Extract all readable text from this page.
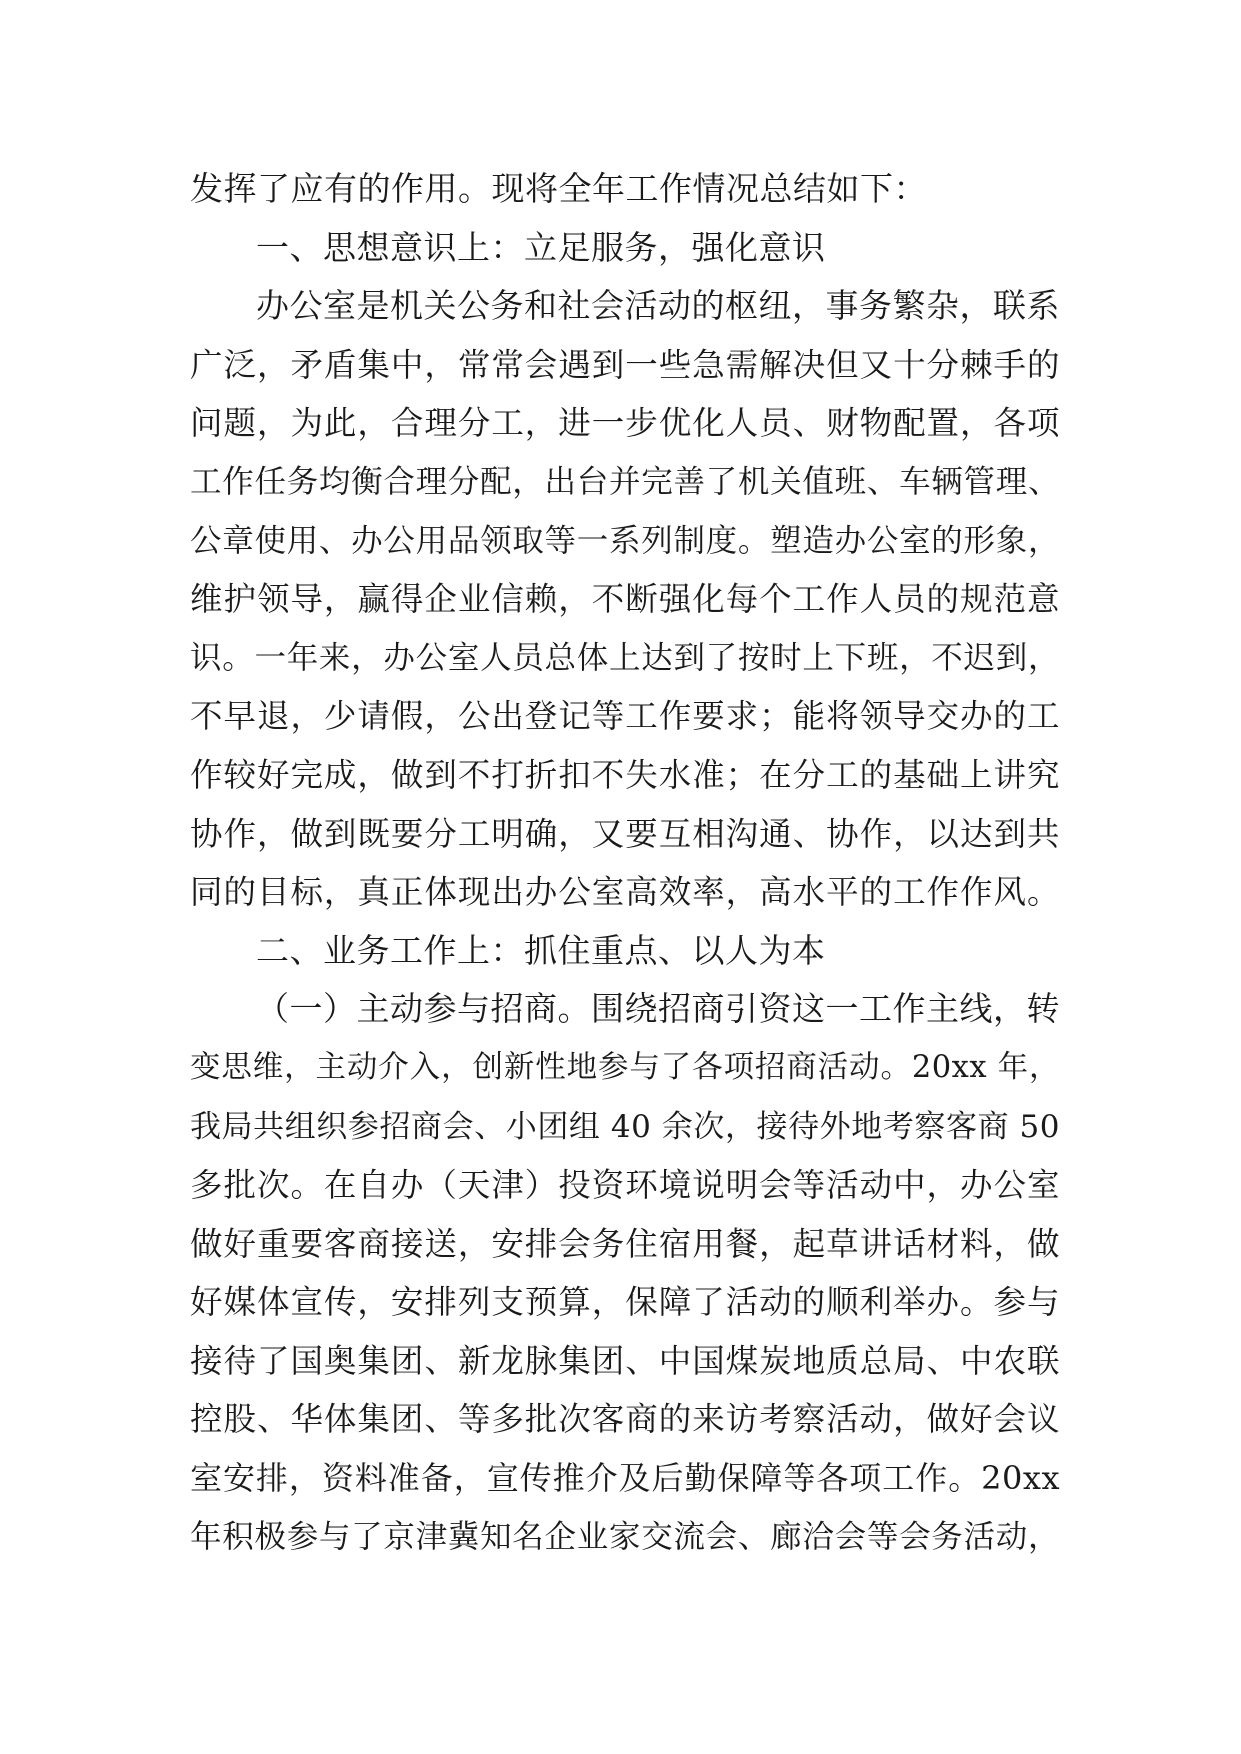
发挥了应有的作用。现将全年工作情况总结如下：
一、思想意识上：立足服务，强化意识
办公室是机关公务和社会活动的枢纽，事务繁杂，联系
广泛，矛盾集中，常常会遇到一些急需解决但又十分棘手的
问题，为此，合理分工，进一步优化人员、财物配置，各项
工作任务均衡合理分配，出台并完善了机关值班、车辆管理、
公章使用、办公用品领取等一系列制度。塑造办公室的形象，
维护领导，赢得企业信赖，不断强化每个工作人员的规范意
识。一年来，办公室人员总体上达到了按时上下班，不迟到，
不早退，少请假，公出登记等工作要求；能将领导交办的工
作较好完成，做到不打折扣不失水准；在分工的基础上讲究
协作，做到既要分工明确，又要互相沟通、协作，以达到共
同的目标，真正体现出办公室高效率，高水平的工作作风。
二、业务工作上：抓住重点、以人为本
（一）主动参与招商。围绕招商引资这一工作主线，转
变思维，主动介入，创新性地参与了各项招商活动。20xx 年，
我局共组织参招商会、小团组 40 余次，接待外地考察客商 50
多批次。在自办（天津）投资环境说明会等活动中，办公室
做好重要客商接送，安排会务住宿用餐，起草讲话材料，做
好媒体宣传，安排列支预算，保障了活动的顺利举办。参与
接待了国奥集团、新龙脉集团、中国煤炭地质总局、中农联
控股、华体集团、等多批次客商的来访考察活动，做好会议
室安排，资料准备，宣传推介及后勤保障等各项工作。20xx
年积极参与了京津冀知名企业家交流会、廊洽会等会务活动，
